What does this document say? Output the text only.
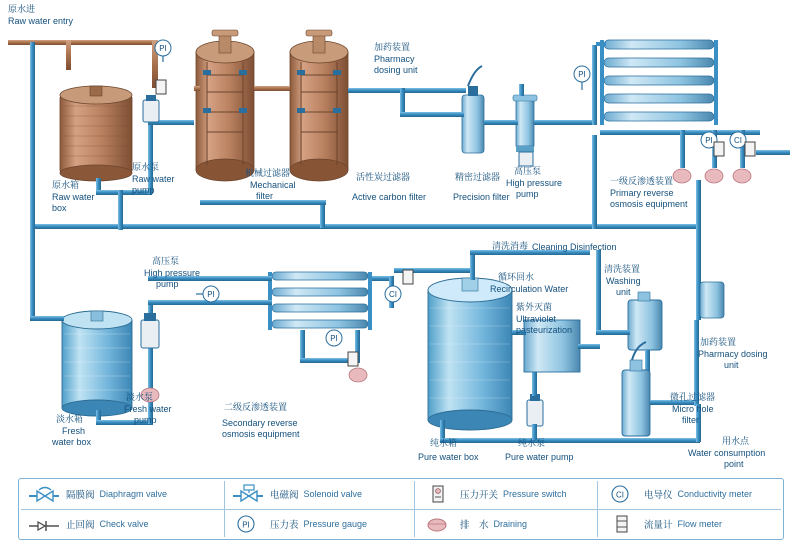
PI
PI
PI	CI
PI	CI
PI
原水进
Raw water entry
原水箱
Raw water
box
原水泵
Raw water
pump
机械过滤器
Mechanical
filter
活性炭过滤器
Active carbon filter
精密过滤器
Precision filter
高压泵
High pressure
pump
加药装置
Pharmacy
dosing unit
一级反渗透装置
Primary reverse
osmosis equipment
高压泵
High pressure
pump
淡水箱
Fresh
water box
淡水泵
Fresh water
pump
二级反渗透装置
Secondary reverse
osmosis equipment
清洗消毒 Cleaning Disinfection
循环回水
Recirculation Water
紫外灭菌
Ultraviolet
pasteurization
清洗装置
Washing
unit
加药装置
Pharmacy dosing
unit
微孔过滤器
Micro hole
filter
用水点
Water consumption
point
纯水箱
Pure water box
纯水泵
Pure water pump
隔膜阀 Diaphragm valve	电磁阀 Solenoid valve	压力开关 Pressure switch	CI 电导仪 Conductivity meter
止回阀 Check valve	PI 压力表 Pressure gauge	排　水 Draining	流量计 Flow meter
